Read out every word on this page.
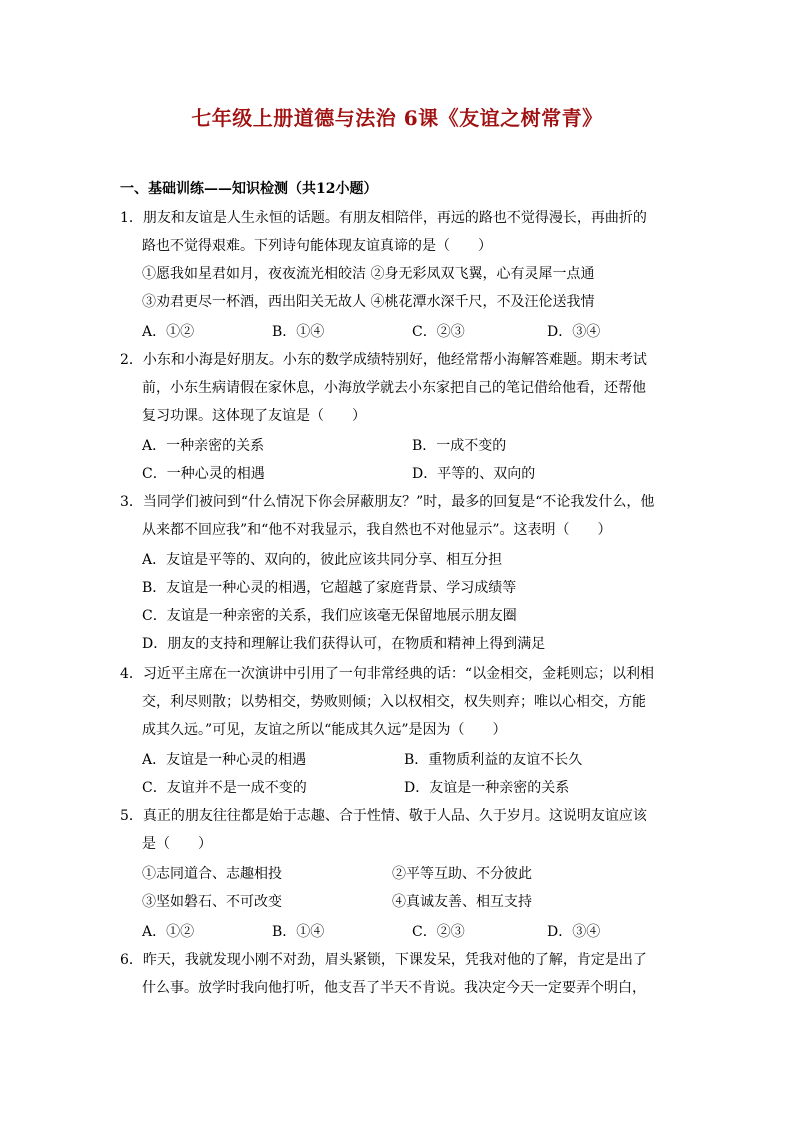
七年级上册道德与法治 6课《友谊之树常青》
一、基础训练——知识检测（共12小题）
1．朋友和友谊是人生永恒的话题。有朋友相陪伴，再远的路也不觉得漫长，再曲折的
路也不觉得艰难。下列诗句能体现友谊真谛的是（　　）
①愿我如星君如月，夜夜流光相皎洁 ②身无彩凤双飞翼，心有灵犀一点通
③劝君更尽一杯酒，西出阳关无故人 ④桃花潭水深千尺，不及汪伦送我情
A．①②	B．①④	C．②③	D．③④
2．小东和小海是好朋友。小东的数学成绩特别好，他经常帮小海解答难题。期末考试
前，小东生病请假在家休息，小海放学就去小东家把自己的笔记借给他看，还帮他
复习功课。这体现了友谊是（　　）
A．一种亲密的关系	B．一成不变的
C．一种心灵的相遇	D．平等的、双向的
3．当同学们被问到“什么情况下你会屏蔽朋友？”时，最多的回复是“不论我发什么，他
从来都不回应我”和“他不对我显示，我自然也不对他显示”。这表明（　　）
A．友谊是平等的、双向的，彼此应该共同分享、相互分担
B．友谊是一种心灵的相遇，它超越了家庭背景、学习成绩等
C．友谊是一种亲密的关系，我们应该毫无保留地展示朋友圈
D．朋友的支持和理解让我们获得认可，在物质和精神上得到满足
4．习近平主席在一次演讲中引用了一句非常经典的话：“以金相交，金耗则忘；以利相
交，利尽则散；以势相交，势败则倾；入以权相交，权失则弃；唯以心相交，方能
成其久远。”可见，友谊之所以“能成其久远”是因为（　　）
A．友谊是一种心灵的相遇	B．重物质利益的友谊不长久
C．友谊并不是一成不变的	D．友谊是一种亲密的关系
5．真正的朋友往往都是始于志趣、合于性情、敬于人品、久于岁月。这说明友谊应该
是（　　）
①志同道合、志趣相投	②平等互助、不分彼此
③坚如磐石、不可改变	④真诚友善、相互支持
A．①②	B．①④	C．②③	D．③④
6．昨天，我就发现小刚不对劲，眉头紧锁，下课发呆，凭我对他的了解，肯定是出了
什么事。放学时我向他打听，他支吾了半天不肯说。我决定今天一定要弄个明白，
